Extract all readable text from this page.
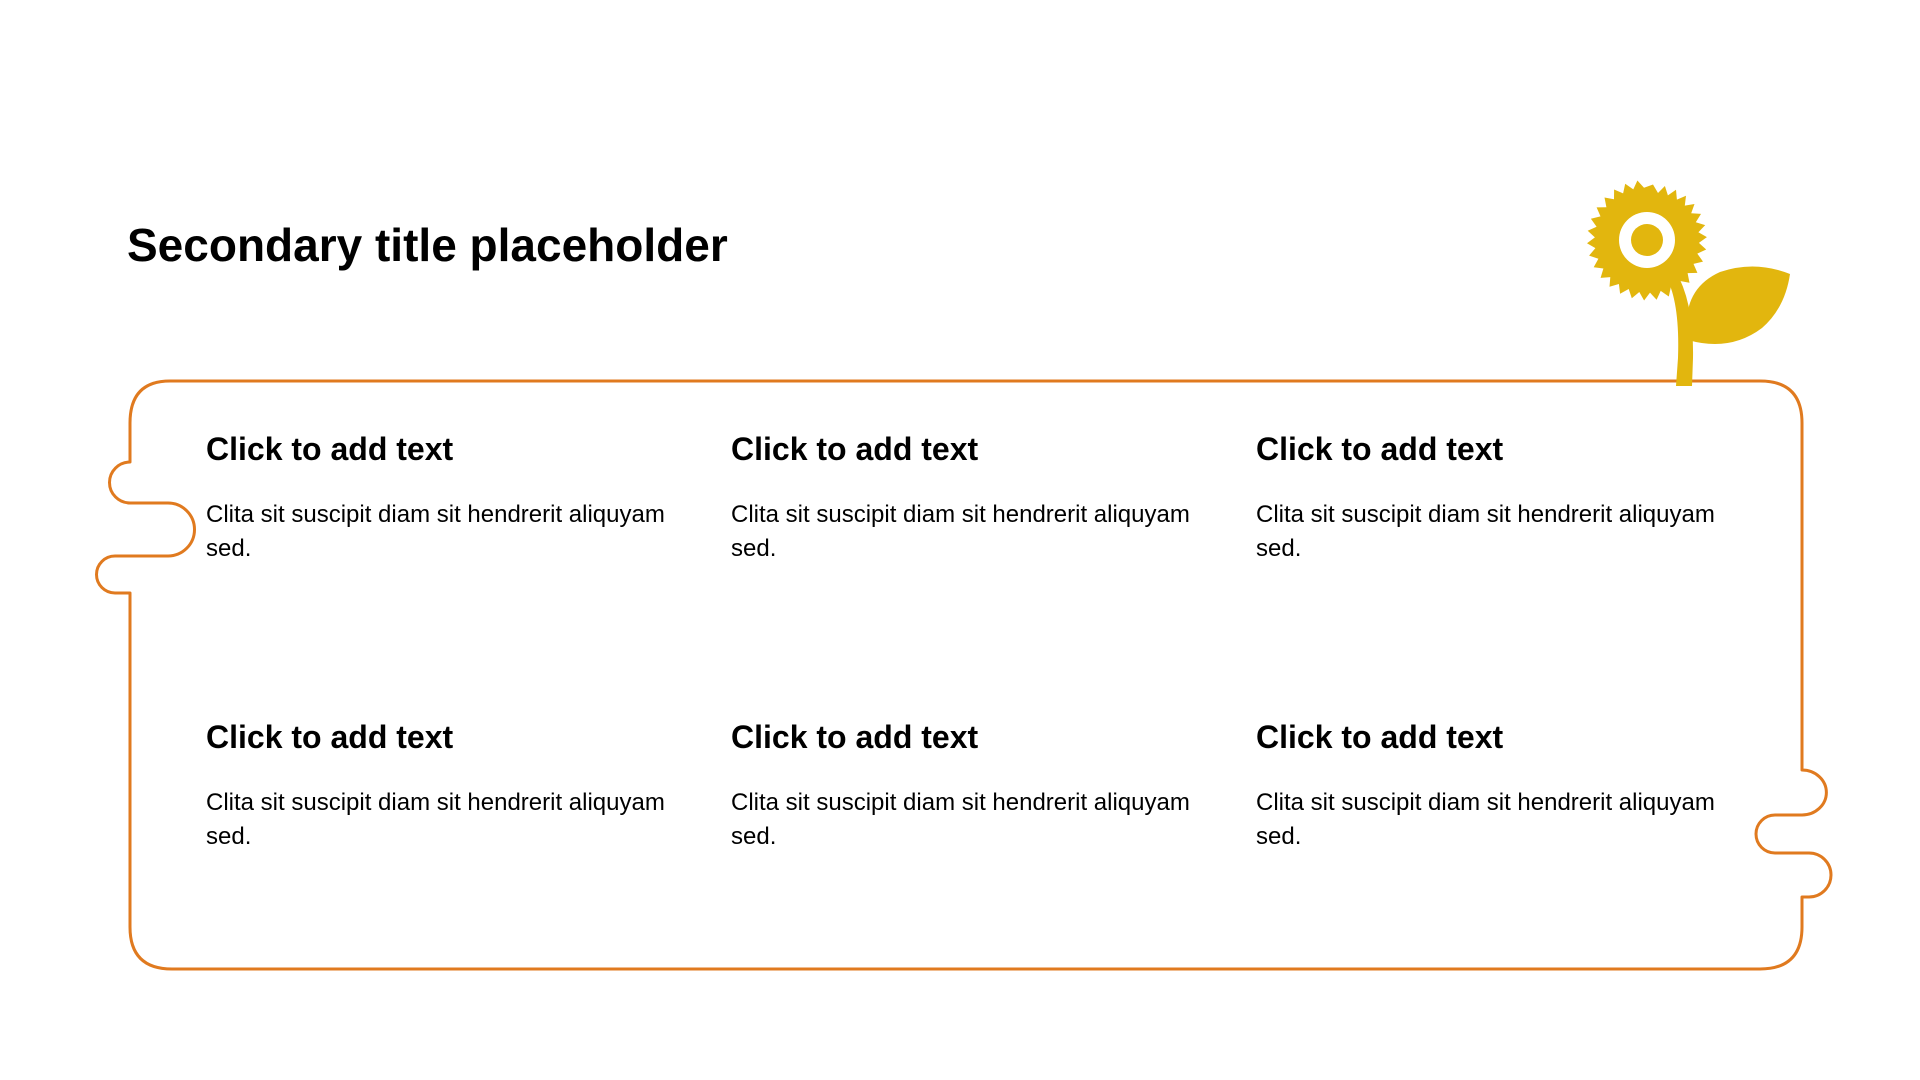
Secondary title placeholder
Click to add text

Clita sit suscipit diam sit hendrerit aliquyam sed.

Click to add text

Clita sit suscipit diam sit hendrerit aliquyam sed.

Click to add text

Clita sit suscipit diam sit hendrerit aliquyam sed.

Click to add text

Clita sit suscipit diam sit hendrerit aliquyam sed.

Click to add text

Clita sit suscipit diam sit hendrerit aliquyam sed.

Click to add text

Clita sit suscipit diam sit hendrerit aliquyam sed.
